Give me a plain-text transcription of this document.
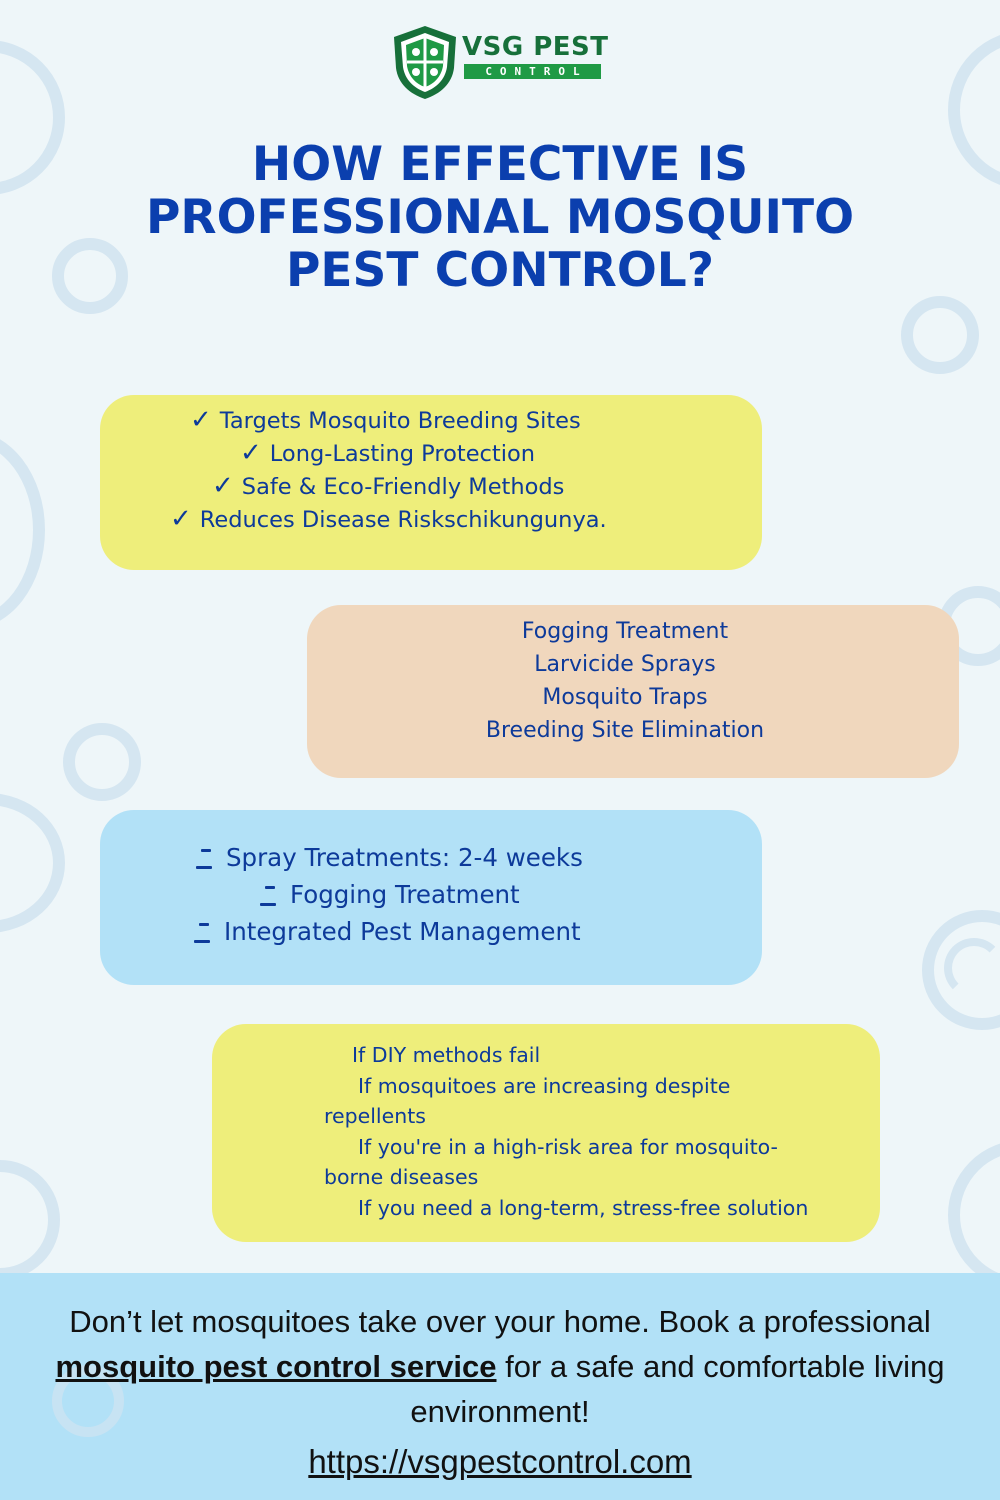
VSG PEST
CONTROL
HOW EFFECTIVE IS
PROFESSIONAL MOSQUITO
PEST CONTROL?
✓ Targets Mosquito Breeding Sites
✓ Long-Lasting Protection
✓ Safe & Eco-Friendly Methods
✓ Reduces Disease Riskschikungunya.
Fogging Treatment
Larvicide Sprays
Mosquito Traps
Breeding Site Elimination
Spray Treatments: 2-4 weeks
Fogging Treatment
Integrated Pest Management
If DIY methods fail
If mosquitoes are increasing despite
repellents
If you're in a high-risk area for mosquito-
borne diseases
If you need a long-term, stress-free solution

Don’t let mosquitoes take over your home. Book a professional mosquito pest control service for a safe and comfortable living environment!

https://vsgpestcontrol.com
